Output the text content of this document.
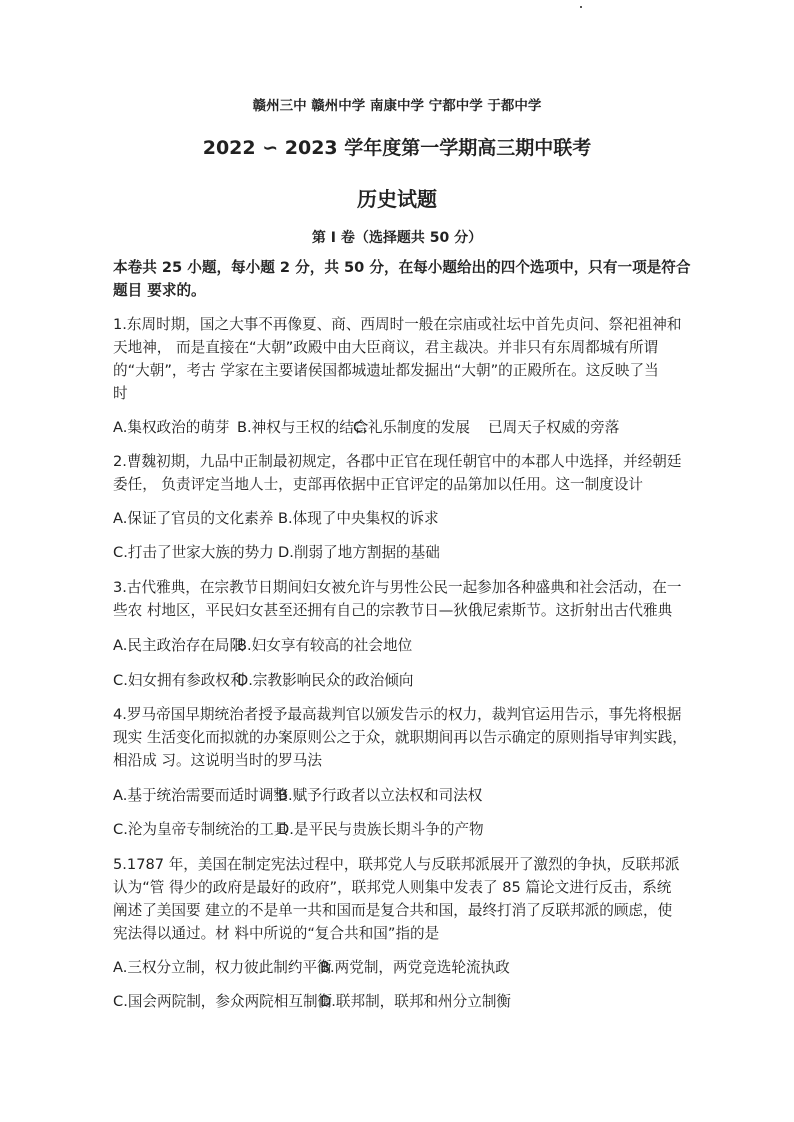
赣州三中 赣州中学 南康中学 宁都中学 于都中学
2022 ∽ 2023 学年度第一学期高三期中联考
历史试题
第 I 卷（选择题共 50 分）
本卷共 25 小题，每小题 2 分，共 50 分，在每小题给出的四个选项中，只有一项是符合
题目 要求的。
1.东周时期，国之大事不再像夏、商、西周时一般在宗庙或社坛中首先贞问、祭祀祖神和
天地神， 而是直接在“大朝”政殿中由大臣商议，君主裁决。并非只有东周都城有所谓
的“大朝”，考古 学家在主要诸侯国都城遗址都发掘出“大朝”的正殿所在。这反映了当
时
A.集权政治的萌芽 B.神权与王权的结合
C.礼乐制度的发展 已周天子权威的旁落
2.曹魏初期，九品中正制最初规定，各郡中正官在现任朝官中的本郡人中选择，并经朝廷
委任， 负责评定当地人士，吏部再依据中正官评定的品第加以任用。这一制度设计
A.保证了官员的文化素养 B.体现了中央集权的诉求
C.打击了世家大族的势力 D.削弱了地方割据的基础
3.古代雅典，在宗教节日期间妇女被允许与男性公民一起参加各种盛典和社会活动，在一
些农 村地区，平民妇女甚至还拥有自己的宗教节日—狄俄尼索斯节。这折射出古代雅典
A.民主政治存在局限
B.妇女享有较高的社会地位
C.妇女拥有参政权利
D.宗教影响民众的政治倾向
4.罗马帝国早期统治者授予最高裁判官以颁发告示的权力，裁判官运用告示，事先将根据
现实 生活变化而拟就的办案原则公之于众，就职期间再以告示确定的原则指导审判实践，
相沿成 习。这说明当时的罗马法
A.基于统治需要而适时调整
B.赋予行政者以立法权和司法权
C.沦为皇帝专制统治的工具
D.是平民与贵族长期斗争的产物
5.1787 年，美国在制定宪法过程中，联邦党人与反联邦派展开了激烈的争执，反联邦派
认为“管 得少的政府是最好的政府”，联邦党人则集中发表了 85 篇论文进行反击，系统
阐述了美国要 建立的不是单一共和国而是复合共和国，最终打消了反联邦派的顾虑，使
宪法得以通过。材 料中所说的“复合共和国”指的是
A.三权分立制，权力彼此制约平衡
B.两党制，两党竞选轮流执政
C.国会两院制，参众两院相互制衡
D.联邦制，联邦和州分立制衡
